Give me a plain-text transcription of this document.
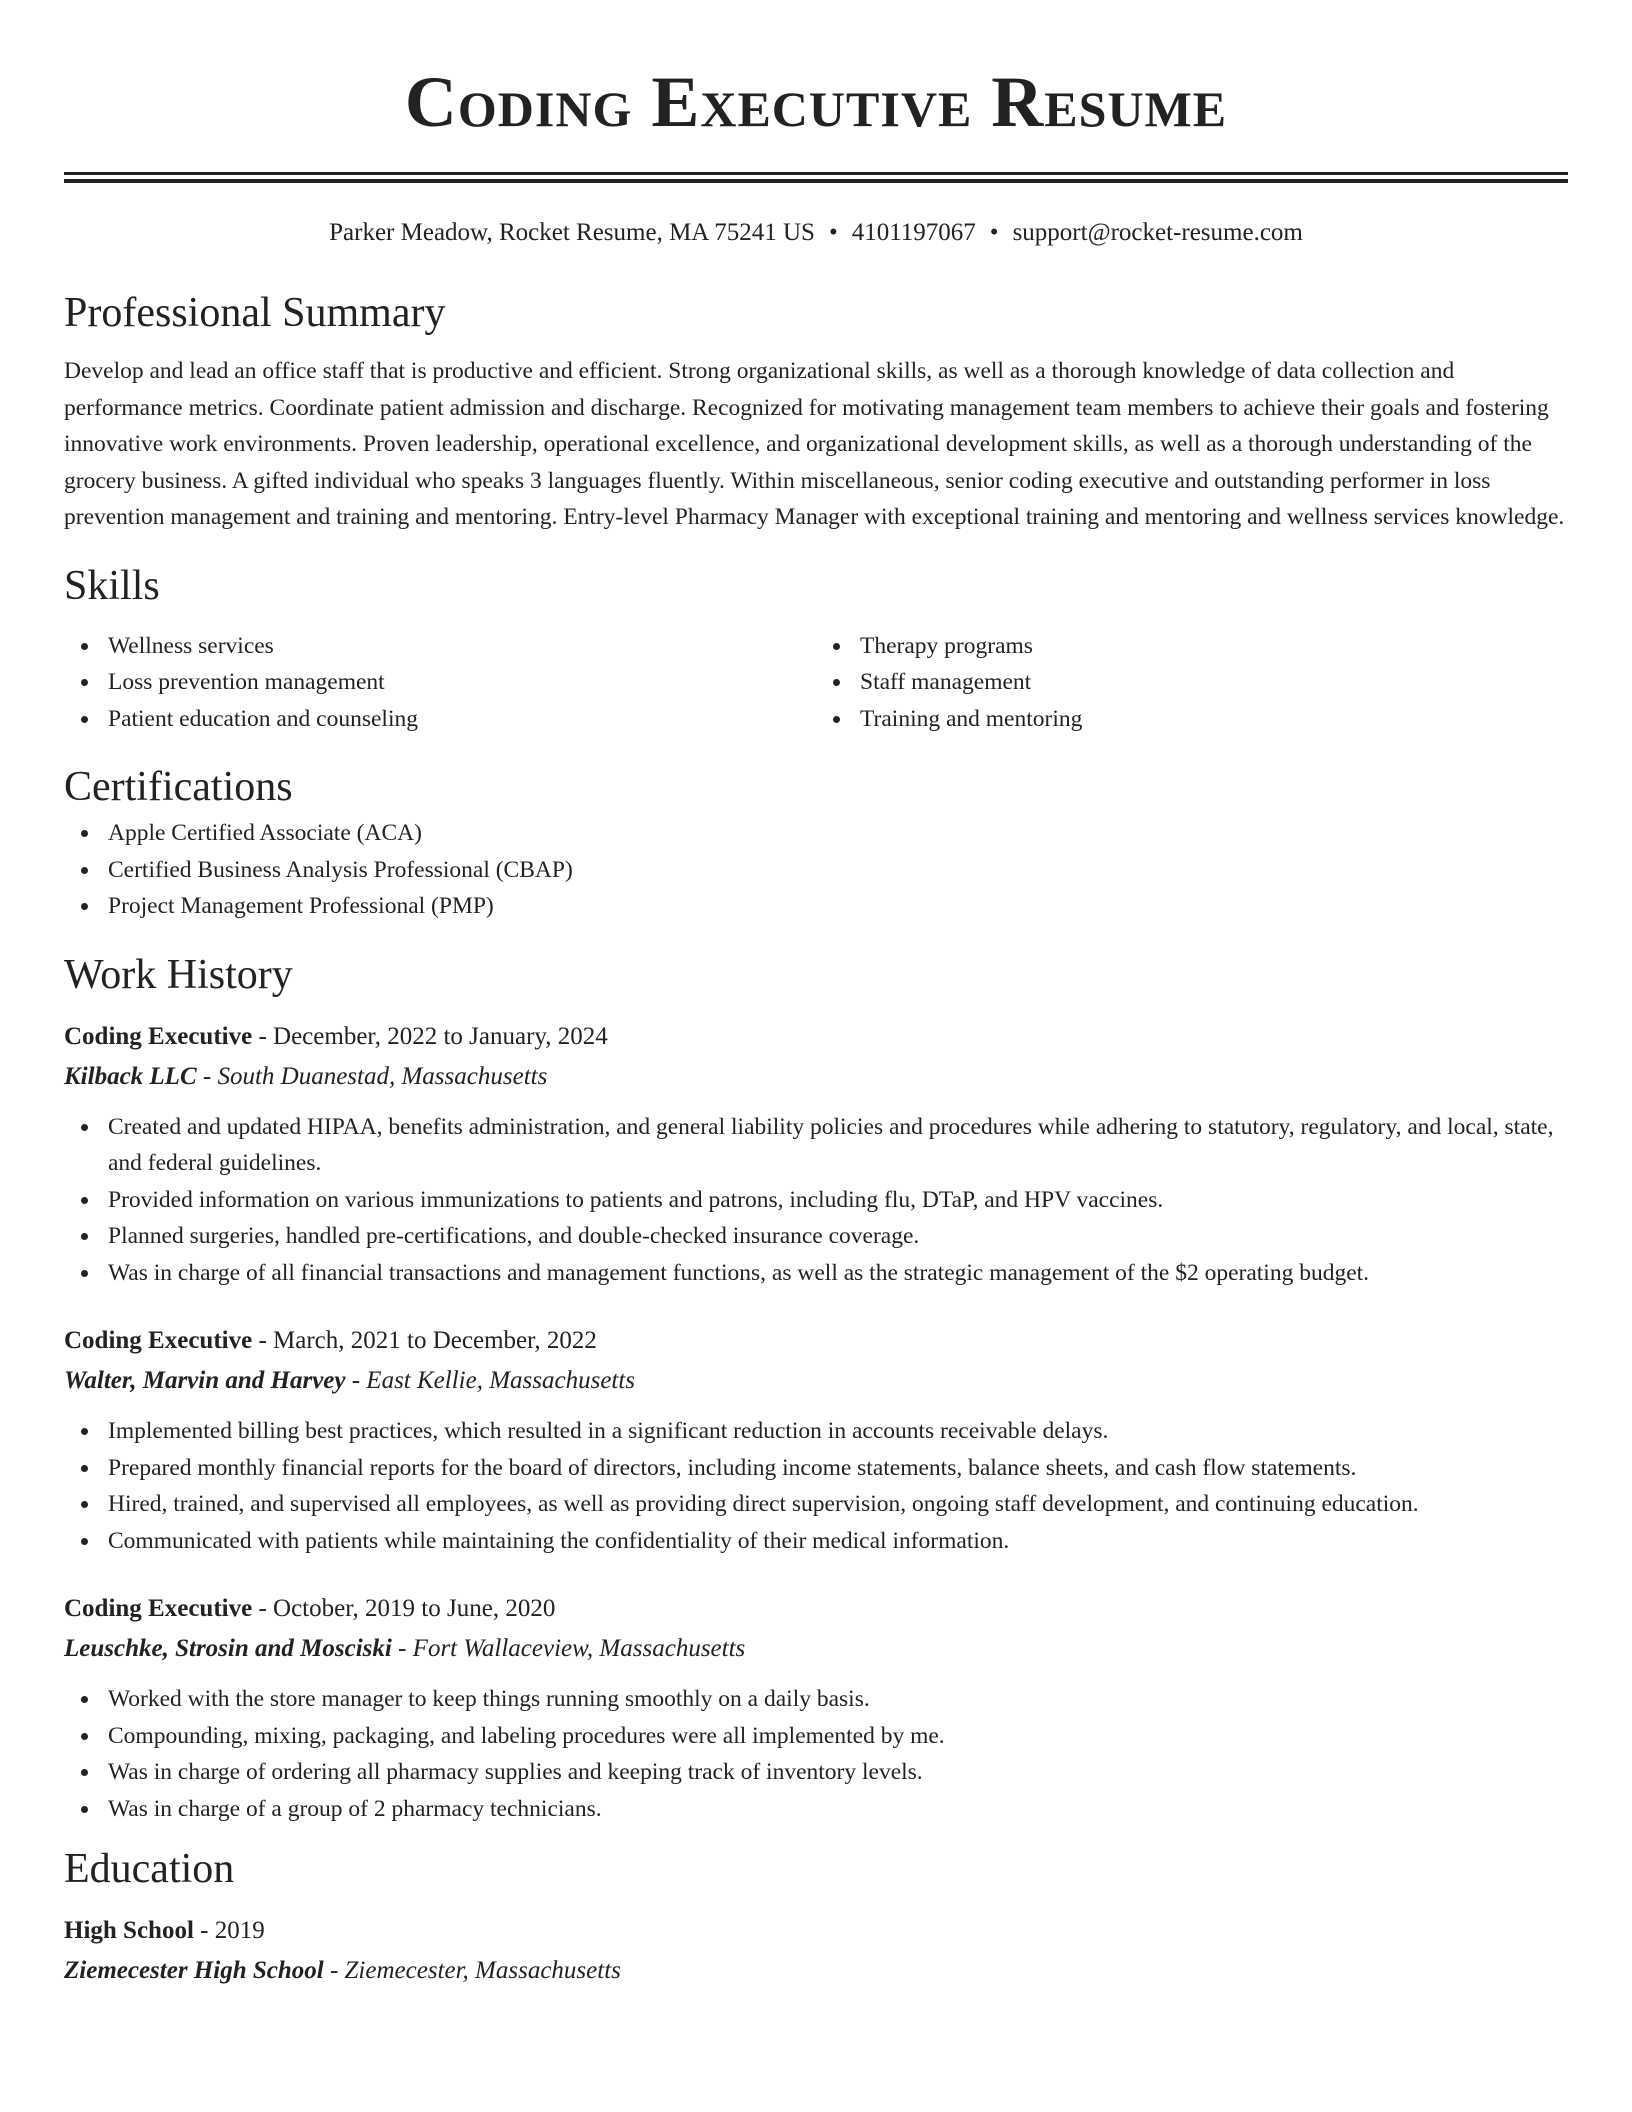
Coding Executive Resume
Parker Meadow, Rocket Resume, MA 75241 US • 4101197067 • support@rocket-resume.com
Professional Summary
Develop and lead an office staff that is productive and efficient. Strong organizational skills, as well as a thorough knowledge of data collection and performance metrics. Coordinate patient admission and discharge. Recognized for motivating management team members to achieve their goals and fostering innovative work environments. Proven leadership, operational excellence, and organizational development skills, as well as a thorough understanding of the grocery business. A gifted individual who speaks 3 languages fluently. Within miscellaneous, senior coding executive and outstanding performer in loss prevention management and training and mentoring. Entry-level Pharmacy Manager with exceptional training and mentoring and wellness services knowledge.
Skills
Wellness services
Loss prevention management
Patient education and counseling
Therapy programs
Staff management
Training and mentoring
Certifications
Apple Certified Associate (ACA)
Certified Business Analysis Professional (CBAP)
Project Management Professional (PMP)
Work History
Coding Executive - December, 2022 to January, 2024
Kilback LLC - South Duanestad, Massachusetts
Created and updated HIPAA, benefits administration, and general liability policies and procedures while adhering to statutory, regulatory, and local, state, and federal guidelines.
Provided information on various immunizations to patients and patrons, including flu, DTaP, and HPV vaccines.
Planned surgeries, handled pre-certifications, and double-checked insurance coverage.
Was in charge of all financial transactions and management functions, as well as the strategic management of the $2 operating budget.
Coding Executive - March, 2021 to December, 2022
Walter, Marvin and Harvey - East Kellie, Massachusetts
Implemented billing best practices, which resulted in a significant reduction in accounts receivable delays.
Prepared monthly financial reports for the board of directors, including income statements, balance sheets, and cash flow statements.
Hired, trained, and supervised all employees, as well as providing direct supervision, ongoing staff development, and continuing education.
Communicated with patients while maintaining the confidentiality of their medical information.
Coding Executive - October, 2019 to June, 2020
Leuschke, Strosin and Mosciski - Fort Wallaceview, Massachusetts
Worked with the store manager to keep things running smoothly on a daily basis.
Compounding, mixing, packaging, and labeling procedures were all implemented by me.
Was in charge of ordering all pharmacy supplies and keeping track of inventory levels.
Was in charge of a group of 2 pharmacy technicians.
Education
High School - 2019
Ziemecester High School - Ziemecester, Massachusetts
